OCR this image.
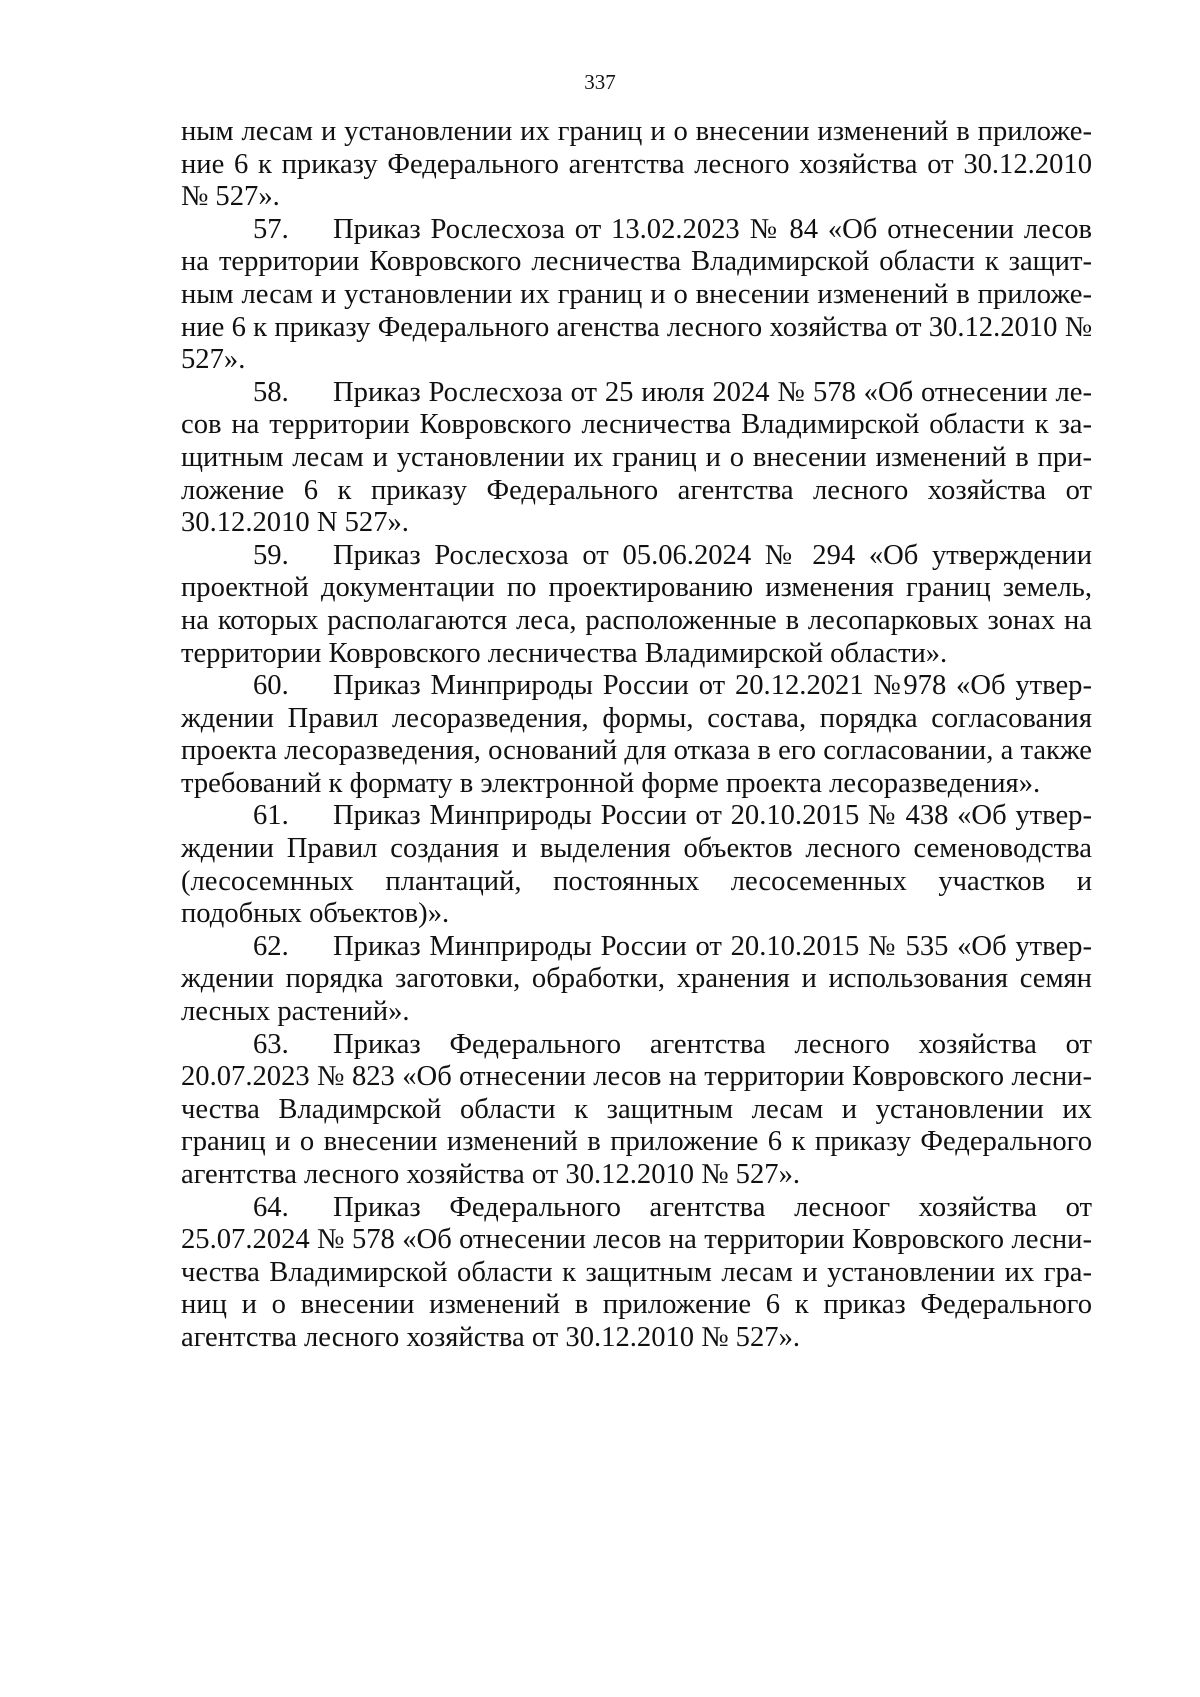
337

ным лесам и установлении их границ и о внесении изменений в приложение 6 к приказу Федерального агентства лесного хозяйства от 30.12.2010 № 527».

57. Приказ Рослесхоза от 13.02.2023 № 84 «Об отнесении лесов на территории Ковровского лесничества Владимирской области к защитным лесам и установлении их границ и о внесении изменений в приложение 6 к приказу Федерального агенства лесного хозяйства от 30.12.2010 № 527».

58. Приказ Рослесхоза от 25 июля 2024 № 578 «Об отнесении лесов на территории Ковровского лесничества Владимирской области к защитным лесам и установлении их границ и о внесении изменений в приложение 6 к приказу Федерального агентства лесного хозяйства от 30.12.2010 N 527».

59. Приказ Рослесхоза от 05.06.2024 № 294 «Об утверждении проектной документации по проектированию изменения границ земель, на которых располагаются леса, расположенные в лесопарковых зонах на территории Ковровского лесничества Владимирской области».

60. Приказ Минприроды России от 20.12.2021 №978 «Об утверждении Правил лесоразведения, формы, состава, порядка согласования проекта лесоразведения, оснований для отказа в его согласовании, а также требований к формату в электронной форме проекта лесоразведения».

61. Приказ Минприроды России от 20.10.2015 № 438 «Об утверждении Правил создания и выделения объектов лесного семеноводства (лесосемнных плантаций, постоянных лесосеменных участков и подобных объектов)».

62. Приказ Минприроды России от 20.10.2015 № 535 «Об утверждении порядка заготовки, обработки, хранения и использования семян лесных растений».

63. Приказ Федерального агентства лесного хозяйства от 20.07.2023 № 823 «Об отнесении лесов на территории Ковровского лесничества Владимрской области к защитным лесам и установлении их границ и о внесении изменений в приложение 6 к приказу Федерального агентства лесного хозяйства от 30.12.2010 № 527».

64. Приказ Федерального агентства лесноог хозяйства от 25.07.2024 № 578 «Об отнесении лесов на территории Ковровского лесничества Владимирской области к защитным лесам и установлении их границ и о внесении изменений в приложение 6 к приказ Федерального агентства лесного хозяйства от 30.12.2010 № 527».
